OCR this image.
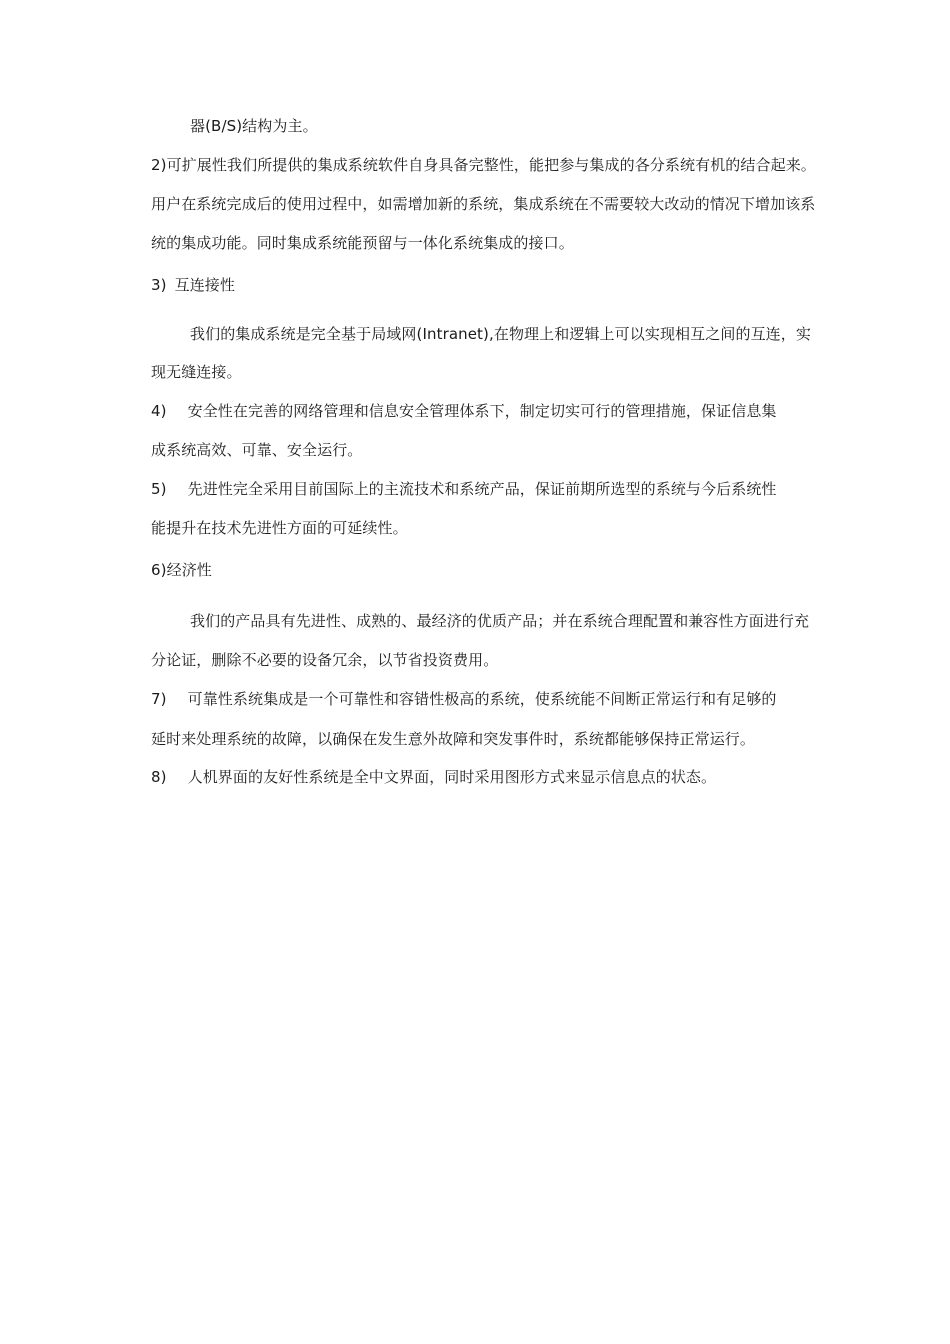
器(B/S)结构为主。
2)可扩展性我们所提供的集成系统软件自身具备完整性，能把参与集成的各分系统有机的结合起来。
用户在系统完成后的使用过程中，如需增加新的系统，集成系统在不需要较大改动的情况下增加该系
统的集成功能。同时集成系统能预留与一体化系统集成的接口。
3) 互连接性
我们的集成系统是完全基于局域网(Intranet),在物理上和逻辑上可以实现相互之间的互连，实
现无缝连接。
4) 安全性在完善的网络管理和信息安全管理体系下，制定切实可行的管理措施，保证信息集
成系统高效、可靠、安全运行。
5) 先进性完全采用目前国际上的主流技术和系统产品，保证前期所选型的系统与今后系统性
能提升在技术先进性方面的可延续性。
6)经济性
我们的产品具有先进性、成熟的、最经济的优质产品；并在系统合理配置和兼容性方面进行充
分论证，删除不必要的设备冗余，以节省投资费用。
7) 可靠性系统集成是一个可靠性和容错性极高的系统，使系统能不间断正常运行和有足够的
延时来处理系统的故障，以确保在发生意外故障和突发事件时，系统都能够保持正常运行。
8) 人机界面的友好性系统是全中文界面，同时采用图形方式来显示信息点的状态。
